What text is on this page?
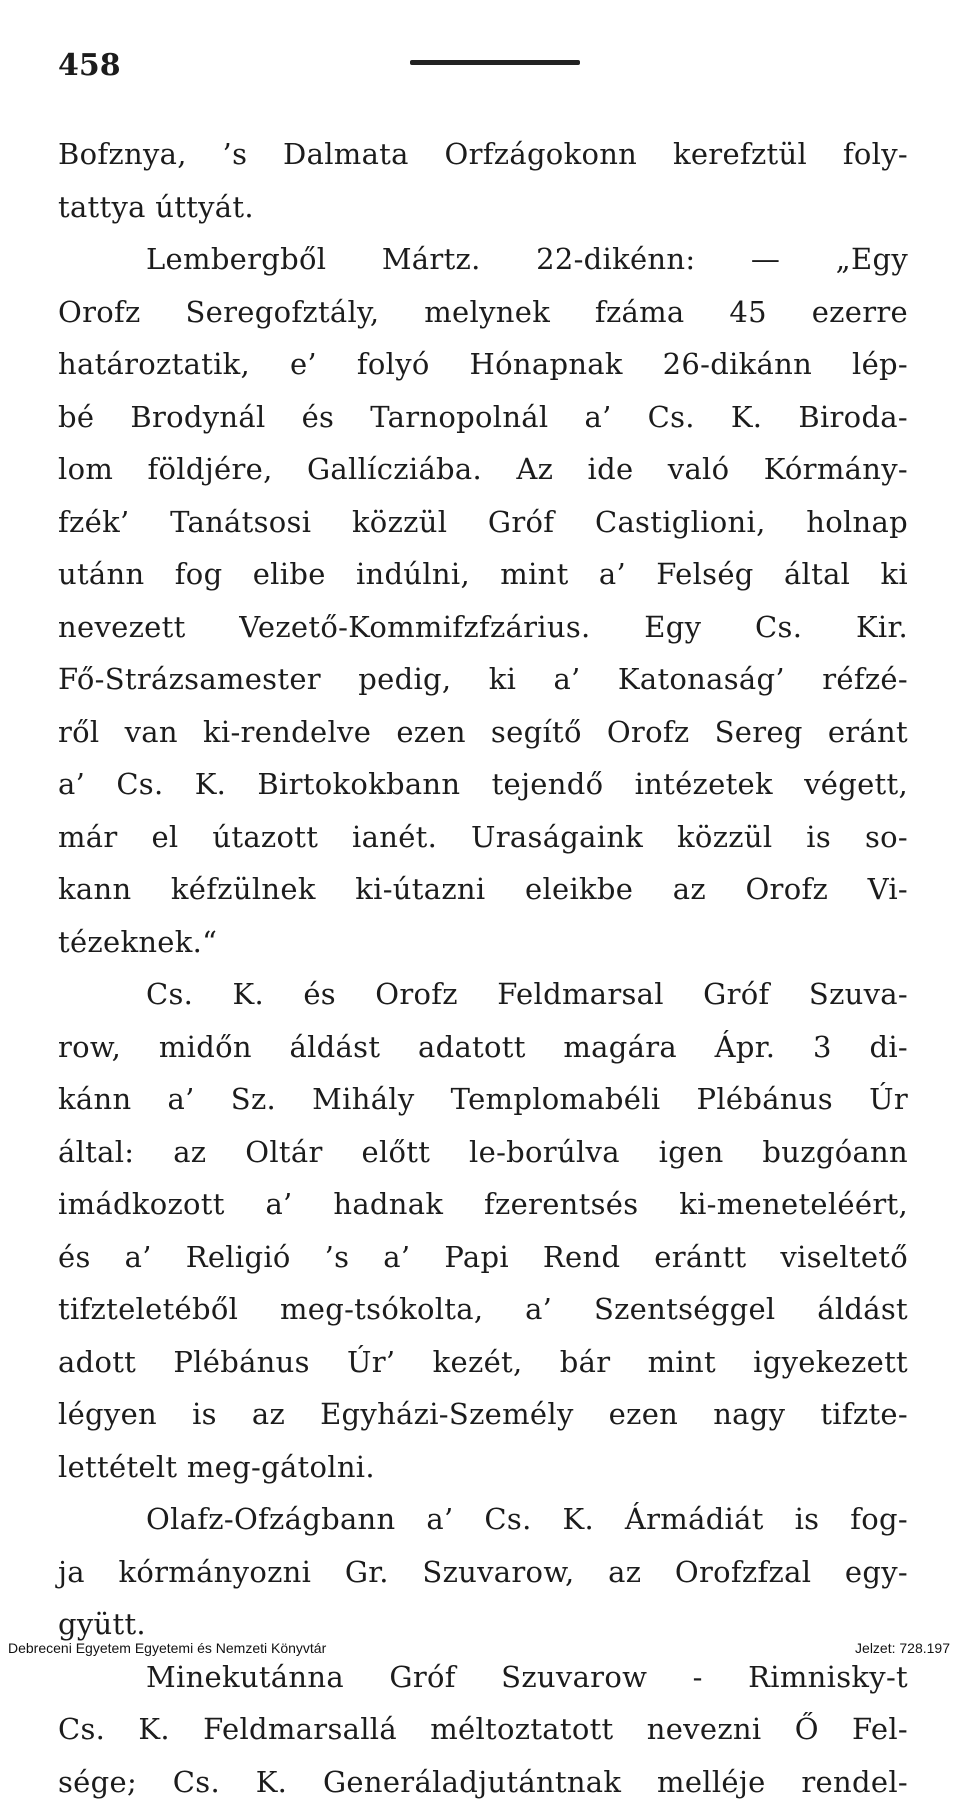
458
Bofznya, ’s Dalmata Orfzágokonn kerefztül foly-
tattya úttyát.
Lembergből Mártz. 22-dikénn: — „Egy
Orofz Seregofztály, melynek fzáma 45 ezerre
határoztatik, e’ folyó Hónapnak 26-dikánn lép-
bé Brodynál és Tarnopolnál a’ Cs. K. Biroda-
lom földjére, Gallícziába. Az ide való Kórmány-
fzék’ Tanátsosi közzül Gróf Castiglioni, holnap
utánn fog elibe indúlni, mint a’ Felség által ki
nevezett Vezető-Kommifzfzárius. Egy Cs. Kir.
Fő-Strázsamester pedig, ki a’ Katonaság’ réfzé-
ről van ki-rendelve ezen segítő Orofz Sereg eránt
a’ Cs. K. Birtokokbann tejendő intézetek végett,
már el útazott ianét. Uraságaink közzül is so-
kann kéfzülnek ki-útazni eleikbe az Orofz Vi-
tézeknek.“
Cs. K. és Orofz Feldmarsal Gróf Szuva-
row, midőn áldást adatott magára Ápr. 3 di-
kánn a’ Sz. Mihály Templomabéli Plébánus Úr
által: az Oltár előtt le-borúlva igen buzgóann
imádkozott a’ hadnak fzerentsés ki-meneteléért,
és a’ Religió ’s a’ Papi Rend erántt viseltető
tifzteletéből meg-tsókolta, a’ Szentséggel áldást
adott Plébánus Úr’ kezét, bár mint igyekezett
légyen is az Egyházi-Személy ezen nagy tifzte-
lettételt meg-gátolni.
Olafz-Ofzágbann a’ Cs. K. Ármádiát is fog-
ja kórmányozni Gr. Szuvarow, az Orofzfzal egy-
gyütt.
Minekutánna Gróf Szuvarow - Rimnisky-t
Cs. K. Feldmarsallá méltoztatott nevezni Ő Fel-
sége; Cs. K. Generáladjutántnak melléje rendel-
Debreceni Egyetem Egyetemi és Nemzeti Könyvtár	Jelzet: 728.197
